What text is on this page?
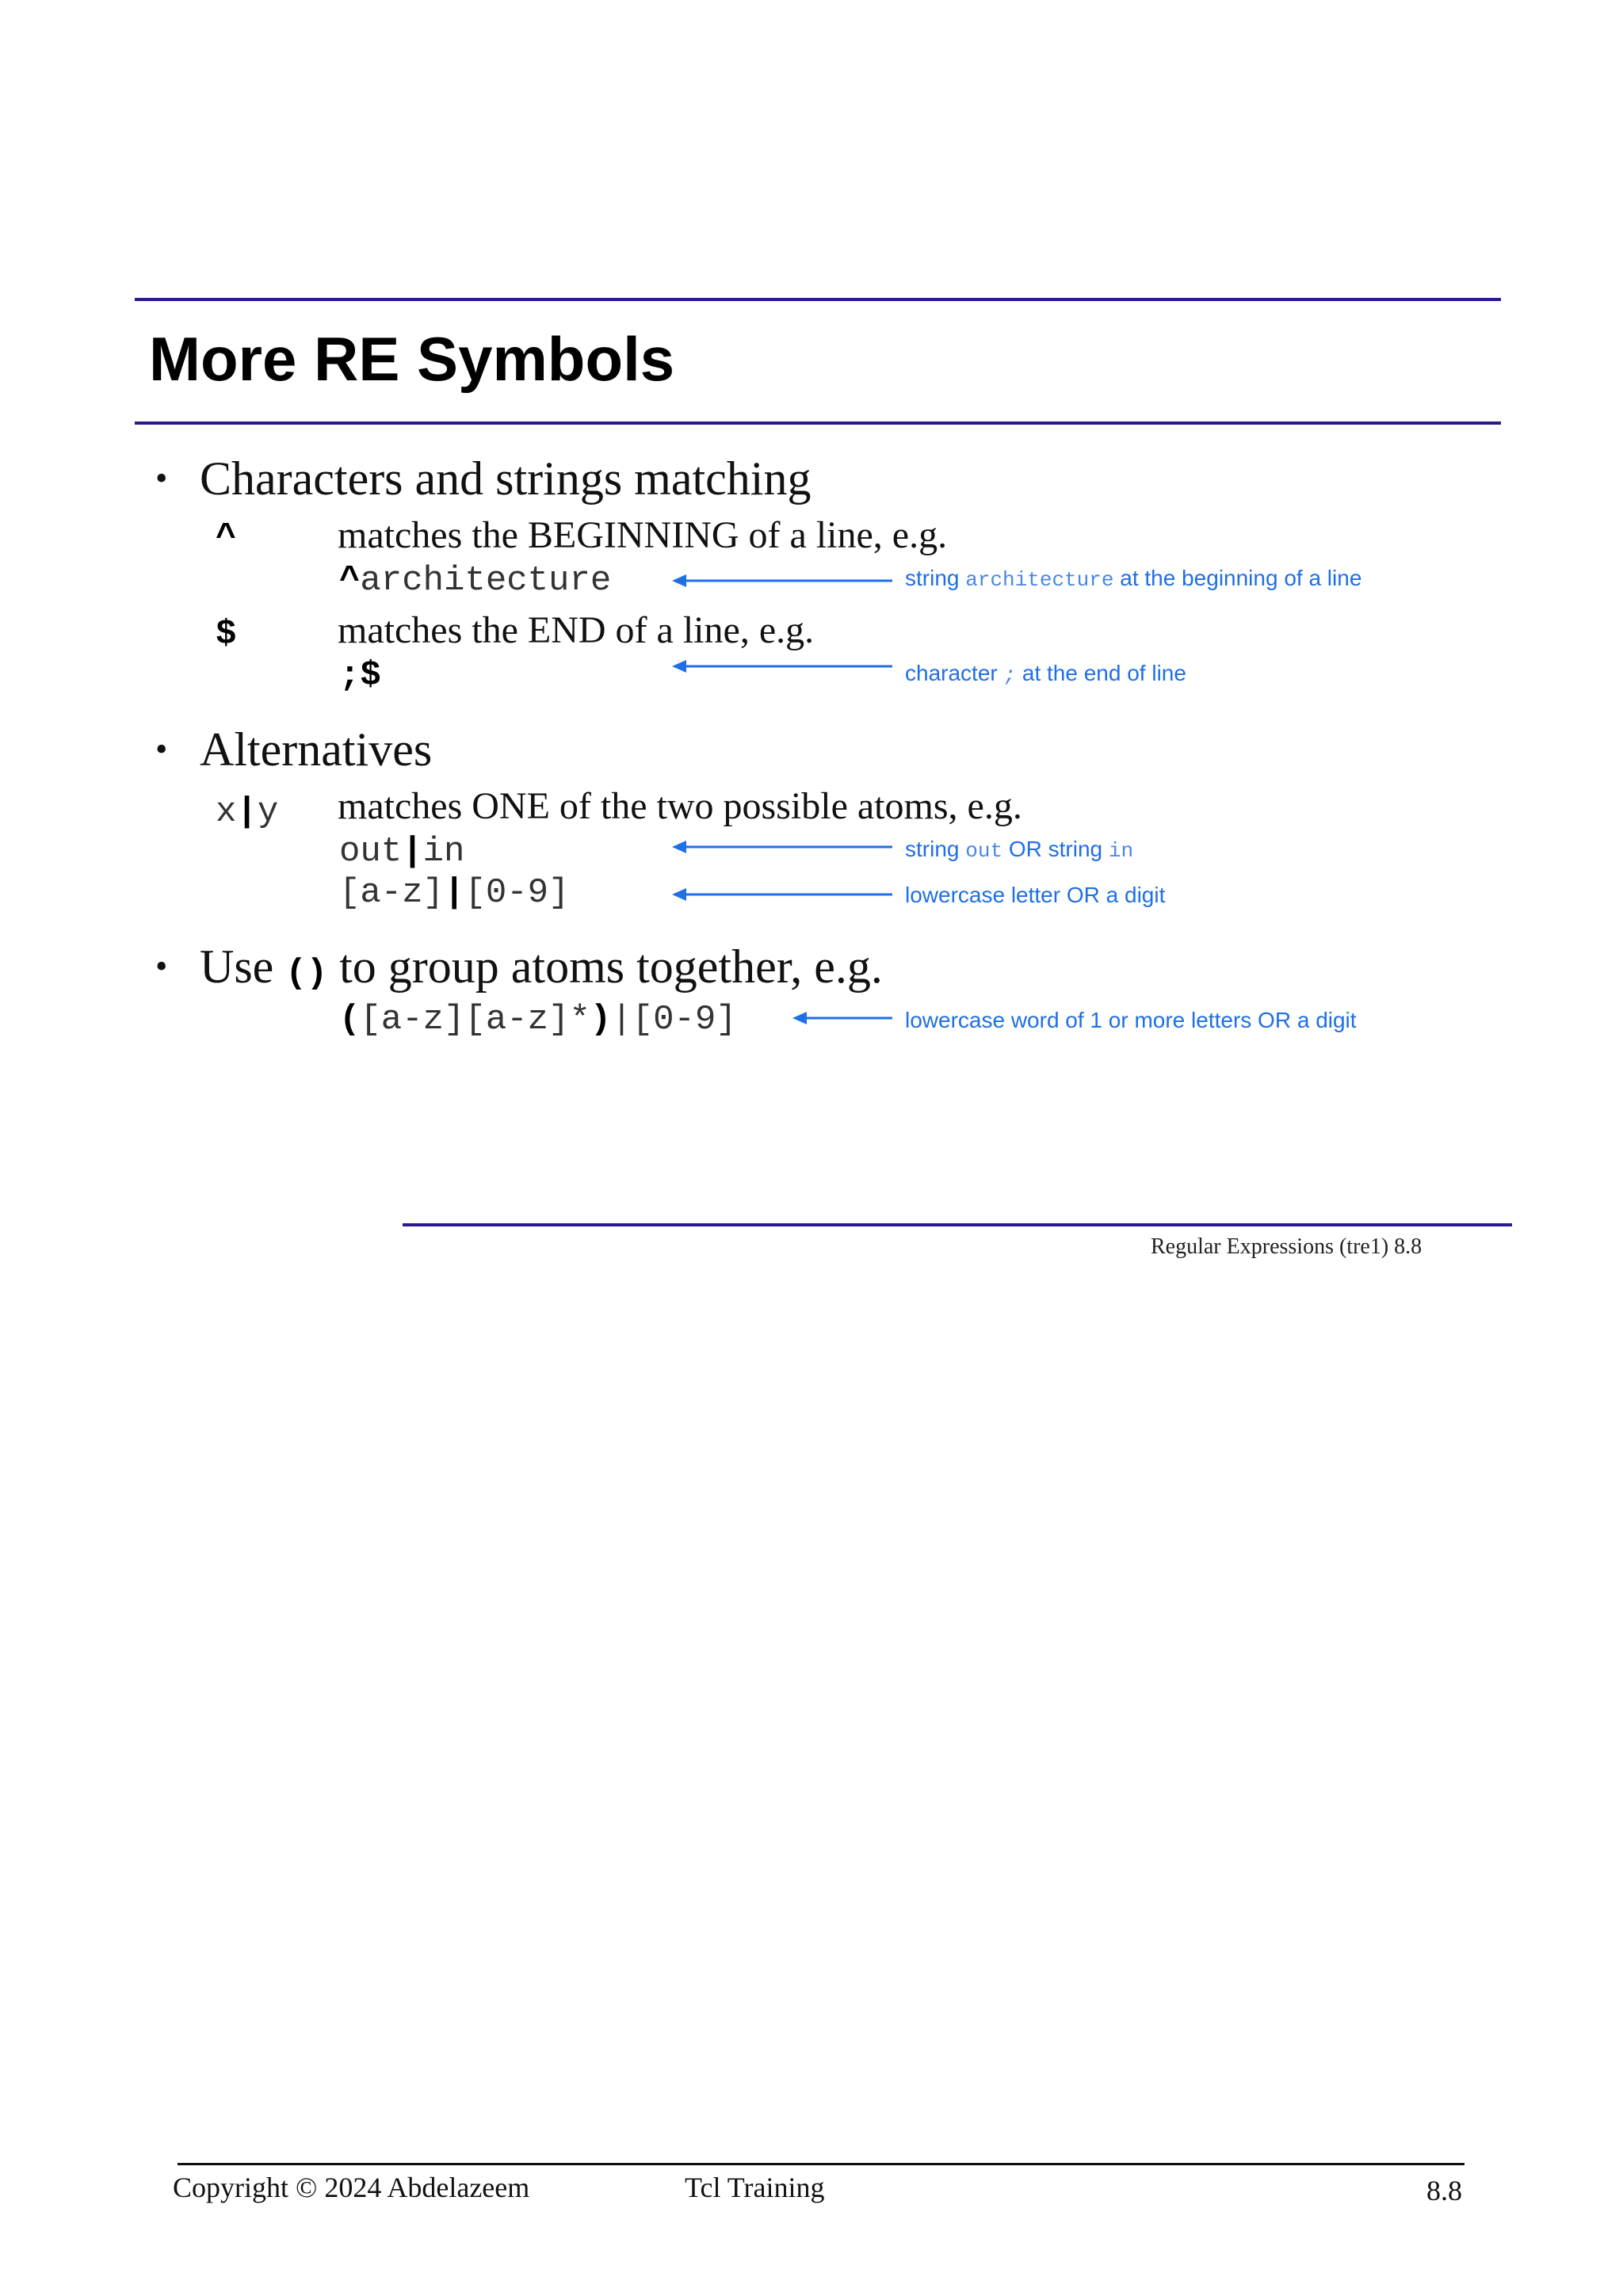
More RE Symbols
• Characters and strings matching
^	matches the BEGINNING of a line, e.g.
^architecture	string architecture at the beginning of a line
$	matches the END of a line, e.g.
;$	character ; at the end of line
• Alternatives
x|y matches ONE of the two possible atoms, e.g.
out|in	string out OR string in
[a-z]|[0-9]	lowercase letter OR a digit
• Use () to group atoms together, e.g.
([a-z][a-z]*)|[0-9]	lowercase word of 1 or more letters OR a digit
Regular Expressions (tre1) 8.8
Copyright © 2024 Abdelazeem	Tcl Training	8.8
